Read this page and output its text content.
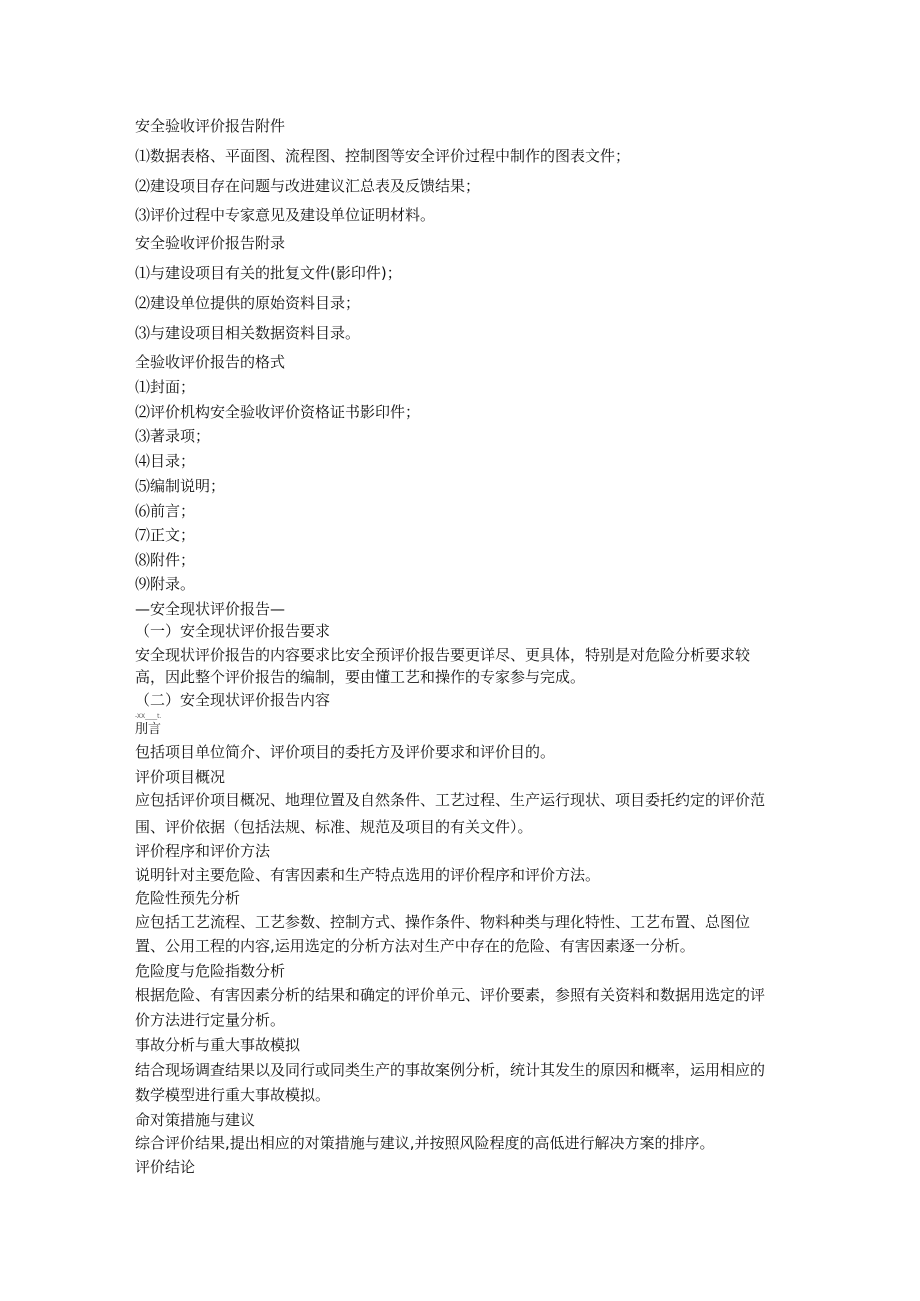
安全验收评价报告附件
⑴数据表格、平面图、流程图、控制图等安全评价过程中制作的图表文件；
⑵建设项目存在问题与改进建议汇总表及反馈结果；
⑶评价过程中专家意见及建设单位证明材料。
安全验收评价报告附录
⑴与建设项目有关的批复文件(影印件)；
⑵建设单位提供的原始资料目录；
⑶与建设项目相关数据资料目录。
全验收评价报告的格式
⑴封面；
⑵评价机构安全验收评价资格证书影印件；
⑶著录项；
⑷目录；
⑸编制说明；
⑹前言；
⑺正文；
⑻附件；
⑼附录。
—安全现状评价报告—
（一）安全现状评价报告要求
安全现状评价报告的内容要求比安全预评价报告要更详尽、更具体，特别是对危险分析要求较
高，因此整个评价报告的编制，要由懂工艺和操作的专家参与完成。
（二）安全现状评价报告内容
-XX____t.
刖言
包括项目单位简介、评价项目的委托方及评价要求和评价目的。
评价项目概况
应包括评价项目概况、地理位置及自然条件、工艺过程、生产运行现状、项目委托约定的评价范
围、评价依据（包括法规、标准、规范及项目的有关文件）。
评价程序和评价方法
说明针对主要危险、有害因素和生产特点选用的评价程序和评价方法。
危险性预先分析
应包括工艺流程、工艺参数、控制方式、操作条件、物料种类与理化特性、工艺布置、总图位
置、公用工程的内容,运用选定的分析方法对生产中存在的危险、有害因素逐一分析。
危险度与危险指数分析
根据危险、有害因素分析的结果和确定的评价单元、评价要素，参照有关资料和数据用选定的评
价方法进行定量分析。
事故分析与重大事故模拟
结合现场调查结果以及同行或同类生产的事故案例分析，统计其发生的原因和概率，运用相应的
数学模型进行重大事故模拟。
命对策措施与建议
综合评价结果,提出相应的对策措施与建议,并按照风险程度的高低进行解决方案的排序。
评价结论
